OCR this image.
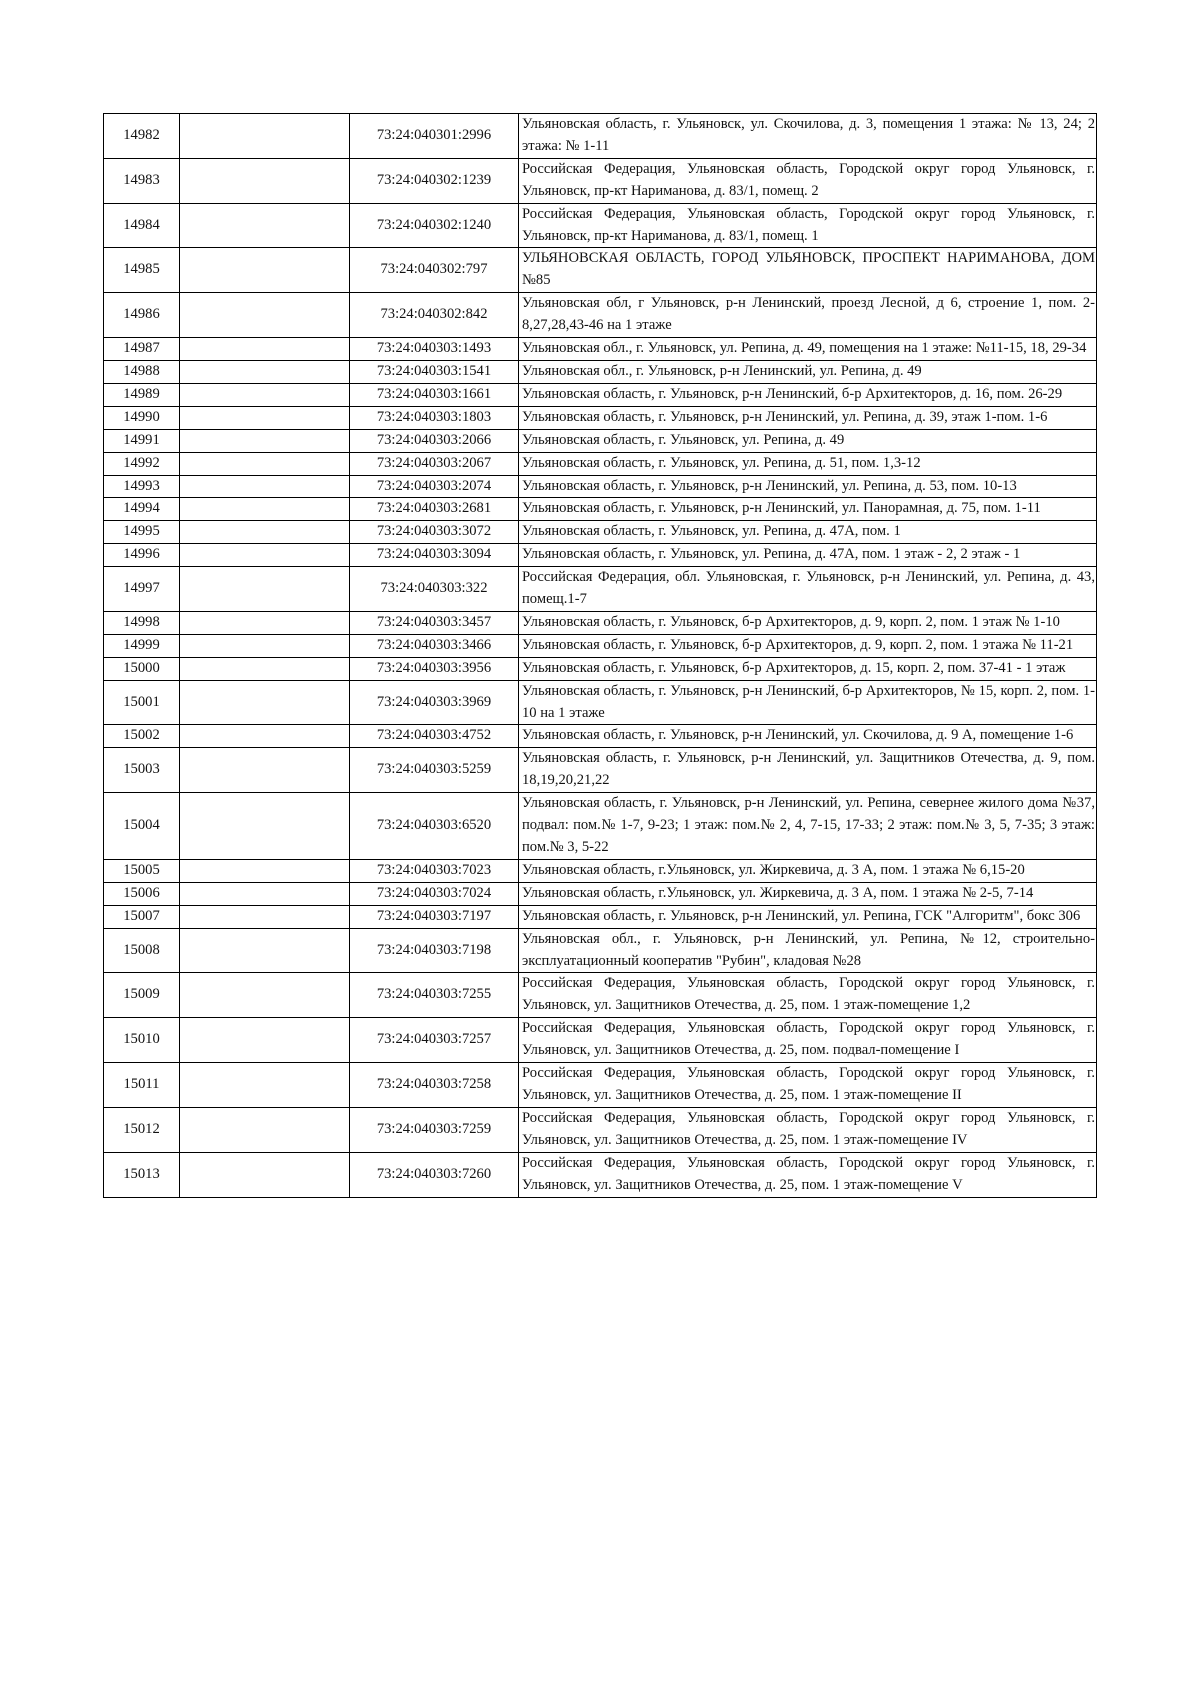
14982		73:24:040301:2996	Ульяновская область, г. Ульяновск, ул. Скочилова, д. 3, помещения 1 этажа: № 13, 24; 2 этажа: № 1-11
14983		73:24:040302:1239	Российская Федерация, Ульяновская область, Городской округ город Ульяновск, г. Ульяновск, пр-кт Нариманова, д. 83/1, помещ. 2
14984		73:24:040302:1240	Российская Федерация, Ульяновская область, Городской округ город Ульяновск, г. Ульяновск, пр-кт Нариманова, д. 83/1, помещ. 1
14985		73:24:040302:797	УЛЬЯНОВСКАЯ ОБЛАСТЬ, ГОРОД УЛЬЯНОВСК, ПРОСПЕКТ НАРИМАНОВА, ДОМ №85
14986		73:24:040302:842	Ульяновская обл, г Ульяновск, р-н Ленинский, проезд Лесной, д 6, строение 1, пом. 2-8,27,28,43-46 на 1 этаже
14987		73:24:040303:1493	Ульяновская обл., г. Ульяновск, ул. Репина, д. 49, помещения на 1 этаже: №11-15, 18, 29-34
14988		73:24:040303:1541	Ульяновская обл., г. Ульяновск, р-н Ленинский, ул. Репина, д. 49
14989		73:24:040303:1661	Ульяновская область, г. Ульяновск, р-н Ленинский, б-р Архитекторов, д. 16, пом. 26-29
14990		73:24:040303:1803	Ульяновская область, г. Ульяновск, р-н Ленинский, ул. Репина, д. 39, этаж 1-пом. 1-6
14991		73:24:040303:2066	Ульяновская область, г. Ульяновск, ул. Репина, д. 49
14992		73:24:040303:2067	Ульяновская область, г. Ульяновск, ул. Репина, д. 51, пом. 1,3-12
14993		73:24:040303:2074	Ульяновская область, г. Ульяновск, р-н Ленинский, ул. Репина, д. 53, пом. 10-13
14994		73:24:040303:2681	Ульяновская область, г. Ульяновск, р-н Ленинский, ул. Панорамная, д. 75, пом. 1-11
14995		73:24:040303:3072	Ульяновская область, г. Ульяновск, ул. Репина, д. 47А, пом. 1
14996		73:24:040303:3094	Ульяновская область, г. Ульяновск, ул. Репина, д. 47А, пом. 1 этаж - 2, 2 этаж - 1
14997		73:24:040303:322	Российская Федерация, обл. Ульяновская, г. Ульяновск, р-н Ленинский, ул. Репина, д. 43, помещ.1-7
14998		73:24:040303:3457	Ульяновская область, г. Ульяновск, б-р Архитекторов, д. 9, корп. 2, пом. 1 этаж № 1-10
14999		73:24:040303:3466	Ульяновская область, г. Ульяновск, б-р Архитекторов, д. 9, корп. 2, пом. 1 этажа № 11-21
15000		73:24:040303:3956	Ульяновская область, г. Ульяновск, б-р Архитекторов, д. 15, корп. 2, пом. 37-41 - 1 этаж
15001		73:24:040303:3969	Ульяновская область, г. Ульяновск, р-н Ленинский, б-р Архитекторов, № 15, корп. 2, пом. 1-10 на 1 этаже
15002		73:24:040303:4752	Ульяновская область, г. Ульяновск, р-н Ленинский, ул. Скочилова, д. 9 А, помещение 1-6
15003		73:24:040303:5259	Ульяновская область, г. Ульяновск, р-н Ленинский, ул. Защитников Отечества, д. 9, пом. 18,19,20,21,22
15004		73:24:040303:6520	Ульяновская область, г. Ульяновск, р-н Ленинский, ул. Репина, севернее жилого дома №37, подвал: пом.№ 1-7, 9-23; 1 этаж: пом.№ 2, 4, 7-15, 17-33; 2 этаж: пом.№ 3, 5, 7-35; 3 этаж: пом.№ 3, 5-22
15005		73:24:040303:7023	Ульяновская область, г.Ульяновск, ул. Жиркевича, д. 3 А, пом. 1 этажа № 6,15-20
15006		73:24:040303:7024	Ульяновская область, г.Ульяновск, ул. Жиркевича, д. 3 А, пом. 1 этажа № 2-5, 7-14
15007		73:24:040303:7197	Ульяновская область, г. Ульяновск, р-н Ленинский, ул. Репина, ГСК "Алгоритм", бокс 306
15008		73:24:040303:7198	Ульяновская обл., г. Ульяновск, р-н Ленинский, ул. Репина, №12, строительно-эксплуатационный кооператив "Рубин", кладовая №28
15009		73:24:040303:7255	Российская Федерация, Ульяновская область, Городской округ город Ульяновск, г. Ульяновск, ул. Защитников Отечества, д. 25, пом. 1 этаж-помещение 1,2
15010		73:24:040303:7257	Российская Федерация, Ульяновская область, Городской округ город Ульяновск, г. Ульяновск, ул. Защитников Отечества, д. 25, пом. подвал-помещение I
15011		73:24:040303:7258	Российская Федерация, Ульяновская область, Городской округ город Ульяновск, г. Ульяновск, ул. Защитников Отечества, д. 25, пом. 1 этаж-помещение II
15012		73:24:040303:7259	Российская Федерация, Ульяновская область, Городской округ город Ульяновск, г. Ульяновск, ул. Защитников Отечества, д. 25, пом. 1 этаж-помещение IV
15013		73:24:040303:7260	Российская Федерация, Ульяновская область, Городской округ город Ульяновск, г. Ульяновск, ул. Защитников Отечества, д. 25, пом. 1 этаж-помещение V
